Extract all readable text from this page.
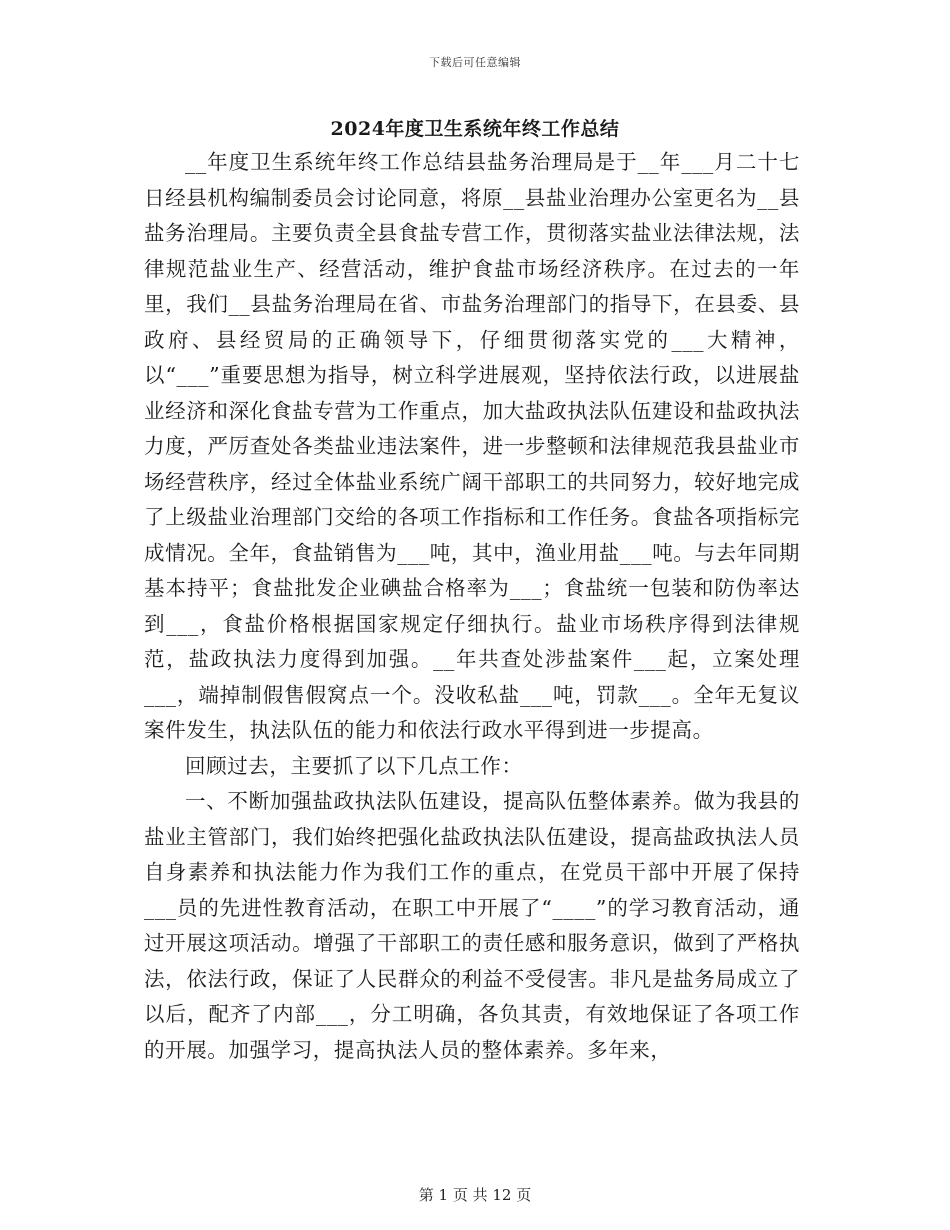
下载后可任意编辑
2024年度卫生系统年终工作总结

__年度卫生系统年终工作总结县盐务治理局是于__年___月二十七日经县机构编制委员会讨论同意，将原__县盐业治理办公室更名为__县盐务治理局。主要负责全县食盐专营工作，贯彻落实盐业法律法规，法律规范盐业生产、经营活动，维护食盐市场经济秩序。在过去的一年里，我们__县盐务治理局在省、市盐务治理部门的指导下，在县委、县政府、县经贸局的正确领导下，仔细贯彻落实党的___大精神，以“___”重要思想为指导，树立科学进展观，坚持依法行政，以进展盐业经济和深化食盐专营为工作重点，加大盐政执法队伍建设和盐政执法力度，严厉查处各类盐业违法案件，进一步整顿和法律规范我县盐业市场经营秩序，经过全体盐业系统广阔干部职工的共同努力，较好地完成了上级盐业治理部门交给的各项工作指标和工作任务。食盐各项指标完成情况。全年，食盐销售为___吨，其中，渔业用盐___吨。与去年同期基本持平；食盐批发企业碘盐合格率为___；食盐统一包装和防伪率达到___，食盐价格根据国家规定仔细执行。盐业市场秩序得到法律规范，盐政执法力度得到加强。__年共查处涉盐案件___起，立案处理___，端掉制假售假窝点一个。没收私盐___吨，罚款___。全年无复议案件发生，执法队伍的能力和依法行政水平得到进一步提高。

回顾过去，主要抓了以下几点工作：

一、不断加强盐政执法队伍建设，提高队伍整体素养。做为我县的盐业主管部门，我们始终把强化盐政执法队伍建设，提高盐政执法人员自身素养和执法能力作为我们工作的重点，在党员干部中开展了保持___员的先进性教育活动，在职工中开展了“____”的学习教育活动，通过开展这项活动。增强了干部职工的责任感和服务意识，做到了严格执法，依法行政，保证了人民群众的利益不受侵害。非凡是盐务局成立了以后，配齐了内部___，分工明确，各负其责，有效地保证了各项工作的开展。加强学习，提高执法人员的整体素养。多年来，

第 1 页 共 12 页
